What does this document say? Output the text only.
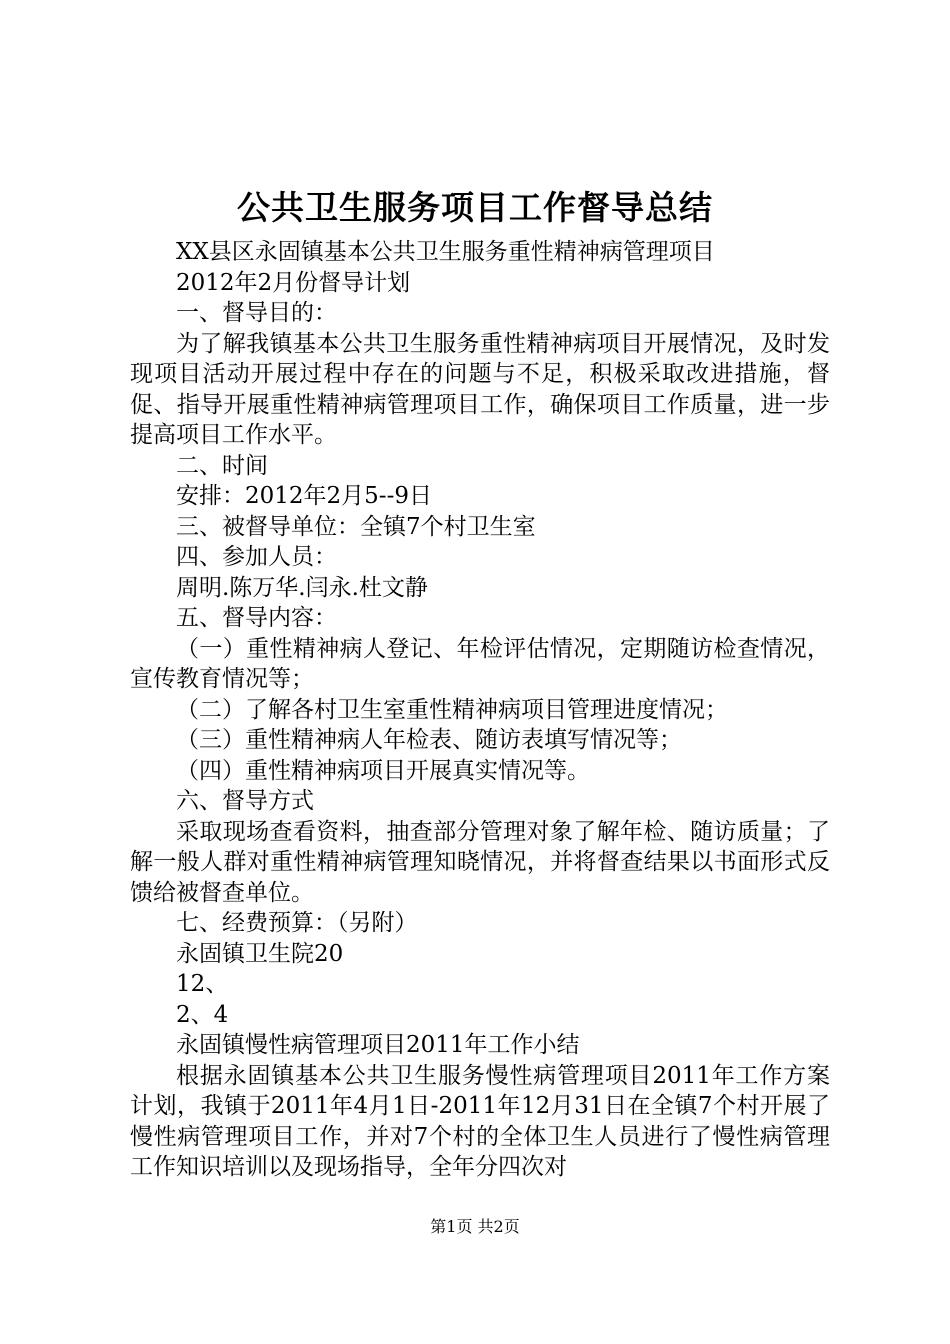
公共卫生服务项目工作督导总结

XX县区永固镇基本公共卫生服务重性精神病管理项目

2012年2月份督导计划

一、督导目的：

为了解我镇基本公共卫生服务重性精神病项目开展情况，及时发现项目活动开展过程中存在的问题与不足，积极采取改进措施，督促、指导开展重性精神病管理项目工作，确保项目工作质量，进一步提高项目工作水平。

二、时间

安排：2012年2月5--9日

三、被督导单位：全镇7个村卫生室

四、参加人员：

周明.陈万华.闫永.杜文静

五、督导内容：

（一）重性精神病人登记、年检评估情况，定期随访检查情况，宣传教育情况等；

（二）了解各村卫生室重性精神病项目管理进度情况；

（三）重性精神病人年检表、随访表填写情况等；

（四）重性精神病项目开展真实情况等。

六、督导方式

采取现场查看资料，抽查部分管理对象了解年检、随访质量；了解一般人群对重性精神病管理知晓情况，并将督查结果以书面形式反馈给被督查单位。

七、经费预算：（另附）

永固镇卫生院20

12、

2、4

永固镇慢性病管理项目2011年工作小结

根据永固镇基本公共卫生服务慢性病管理项目2011年工作方案计划，我镇于2011年4月1日-2011年12月31日在全镇7个村开展了慢性病管理项目工作，并对7个村的全体卫生人员进行了慢性病管理工作知识培训以及现场指导，全年分四次对

第1页 共2页
